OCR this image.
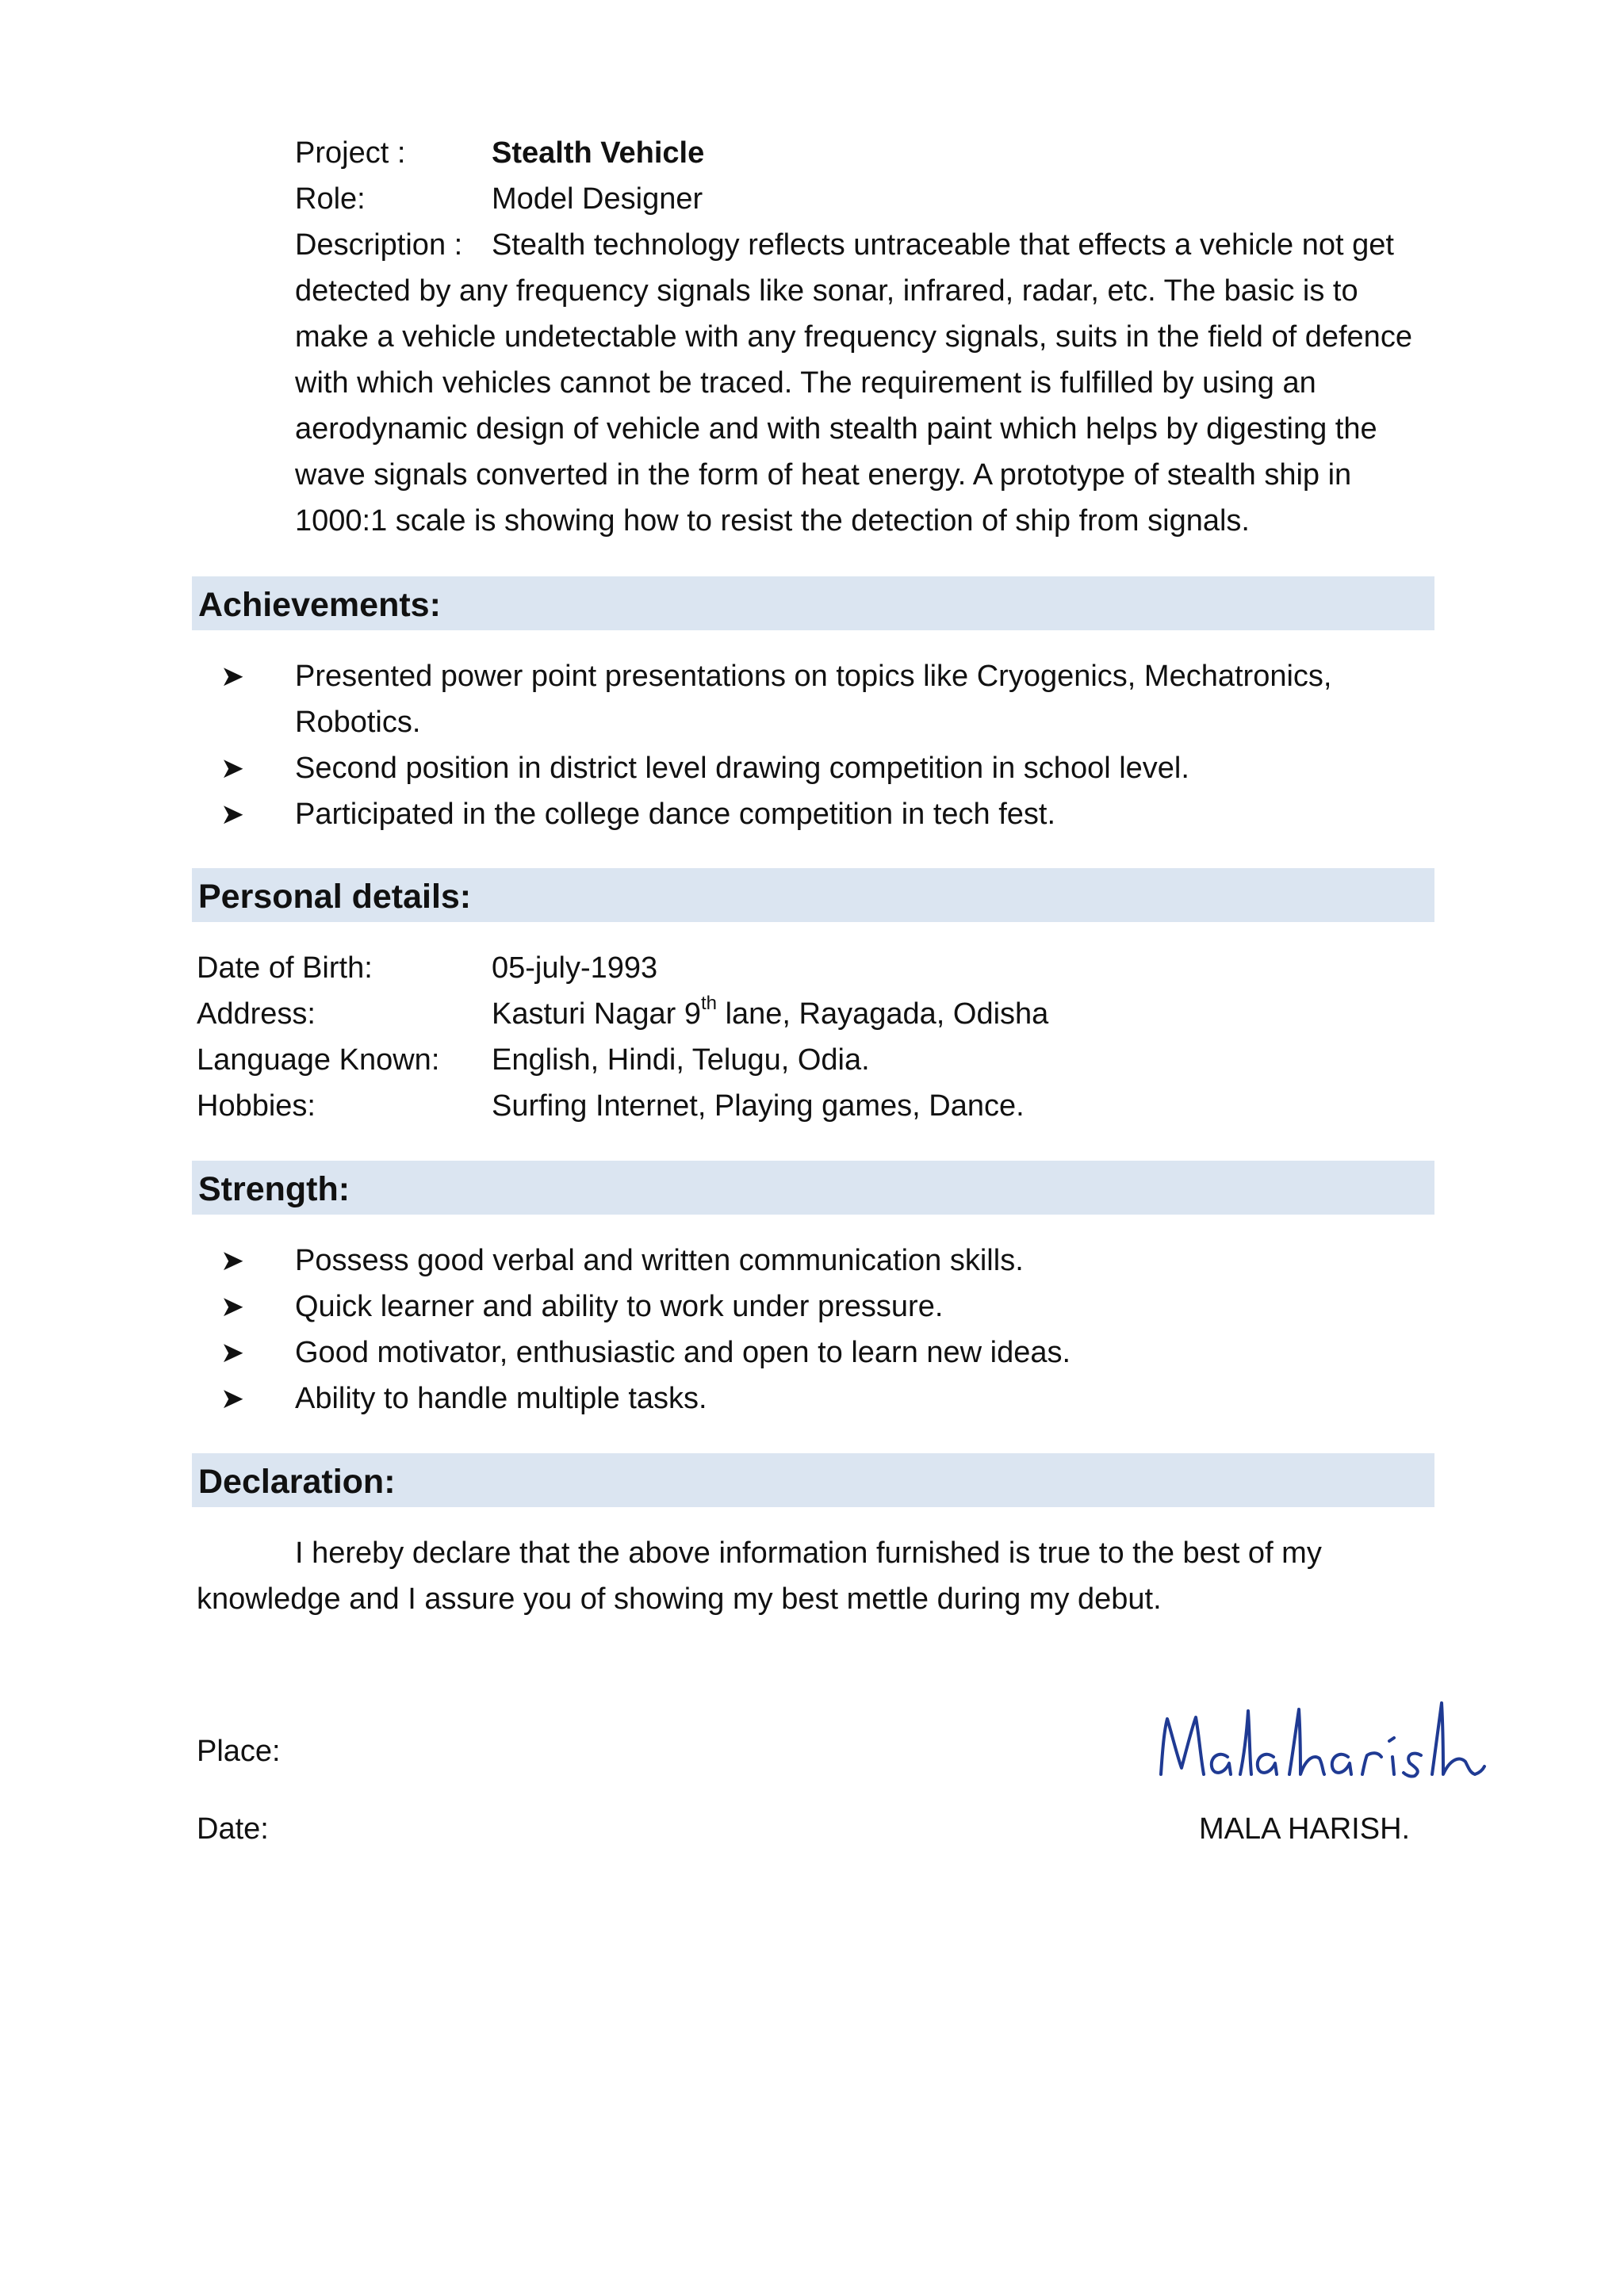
Project :	Stealth Vehicle
Role:	Model Designer
Description : Stealth technology reflects untraceable that effects a vehicle not get
detected by any frequency signals like sonar, infrared, radar, etc. The basic is to
make a vehicle undetectable with any frequency signals, suits in the field of defence
with which vehicles cannot be traced. The requirement is fulfilled by using an
aerodynamic design of vehicle and with stealth paint which helps by digesting the
wave signals converted in the form of heat energy. A prototype of stealth ship in
1000:1 scale is showing how to resist the detection of ship from signals.
Achievements:
➤ Presented power point presentations on topics like Cryogenics, Mechatronics,
Robotics.
➤ Second position in district level drawing competition in school level.
➤ Participated in the college dance competition in tech fest.
Personal details:
Date of Birth:	05-july-1993
Address:	Kasturi Nagar 9th lane, Rayagada, Odisha
Language Known: English, Hindi, Telugu, Odia.
Hobbies:	Surfing Internet, Playing games, Dance.
Strength:
➤ Possess good verbal and written communication skills.
➤ Quick learner and ability to work under pressure.
➤ Good motivator, enthusiastic and open to learn new ideas.
➤ Ability to handle multiple tasks.
Declaration:
I hereby declare that the above information furnished is true to the best of my
knowledge and I assure you of showing my best mettle during my debut.
Place:
Date:	MALA HARISH.
